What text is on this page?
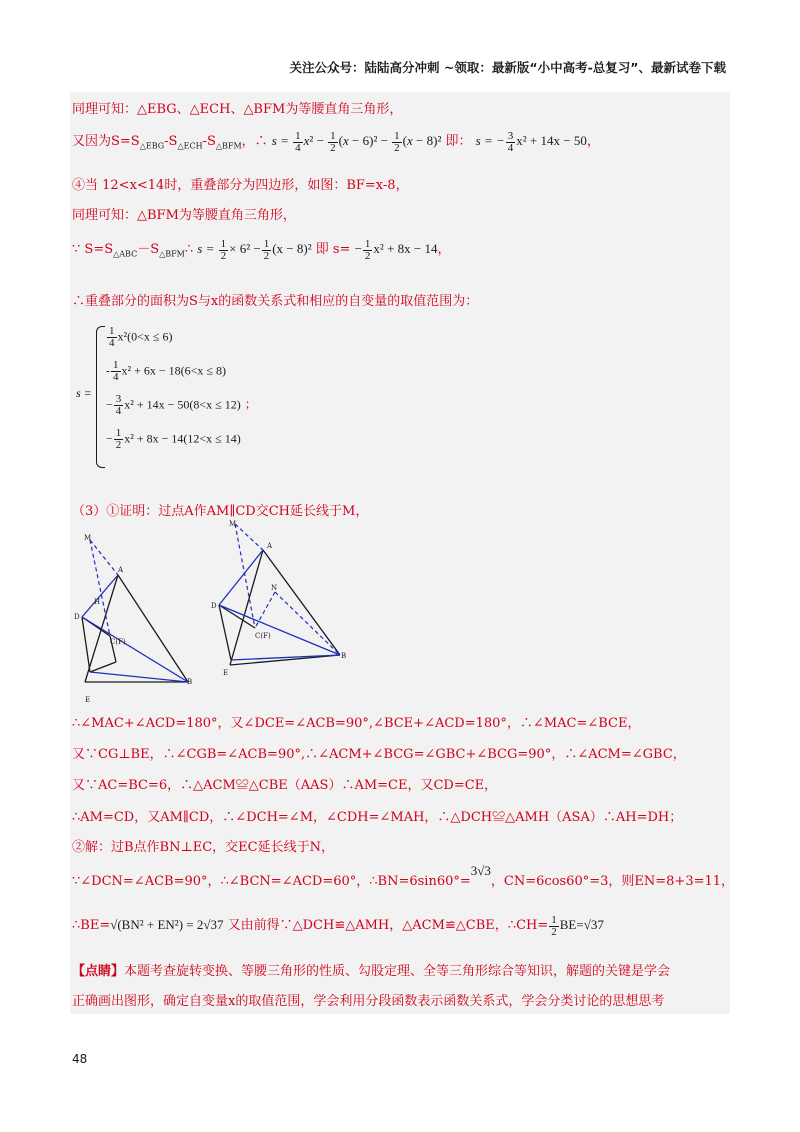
关注公众号：陆陆高分冲刺 ~领取：最新版“小中高考-总复习”、最新试卷下载
同理可知：△EBG、△ECH、△BFM为等腰直角三角形，
又因为$S=S_{\triangle EBG}-S_{\triangle ECH}-S_{\triangle BFM}$，∴ $s = \frac{1}{4} x^2 - \frac{1}{2} (x - 6)^2 - \frac{1}{2} (x - 8)^2$ 即： s = − $\frac{3}{4} x^2 + 14x - 50$，
④当 12<x<14时，重叠部分为四边形，如图：BF=x-8，
同理可知：△BFM为等腰直角三角形，
∵ $S=S_{\triangle ABC}-S_{\triangle BFM}\therefore$ $s = \frac{1}{2} \times 6^2 - \frac{1}{2} (x - 8)^2$ 即 $s= - \frac{1}{2} x^2 + 8x - 14$，
∴重叠部分的面积为S与x的函数关系式和相应的自变量的取值范围为：
s =
$\frac{1}{4} x^2(0<x \le 6)$
- $\frac{1}{4} x^2 + 6x - 18(6<x \le 8)$
− $\frac{3}{4} x^2 + 14x - 50(8<x \le 12)$ ；
− $\frac{1}{2} x^2 + 8x - 14(12<x \le 14)$
（3）①证明：过点A作AM∥CD交CH延长线于M，
M
A
H
D
C(F)
B
E
M
A
N
D
C(F)
B
E
∴∠MAC+∠ACD=180°，又∠DCE=∠ACB=90°,∠BCE+∠ACD=180°，∴∠MAC=∠BCE，
又∵CG⊥BE，∴∠CGB=∠ACB=90°,∴∠ACM+∠BCG=∠GBC+∠BCG=90°，∴∠ACM=∠GBC，
又∵AC=BC=6，∴△ACM≌△CBE（AAS）∴AM=CE，又CD=CE，
∴AM=CD，又AM∥CD，∴∠DCH=∠M，∠CDH=∠MAH，∴△DCH≌△AMH（ASA）∴AH=DH；
②解：过B点作BN⊥EC，交EC延长线于N，
∵∠DCN=∠ACB=90°，∴∠BCN=∠ACD=60°，∴BN=6sin60°=3√3，CN=6cos60°=3，则EN=8+3=11，
∴BE=√(BN² + EN²) = 2√37 又由前得∵△DCH≌△AMH，△ACM≌△CBE，∴CH= $\frac{1}{2} BE=√37$
【点睛】本题考查旋转变换、等腰三角形的性质、勾股定理、全等三角形综合等知识，解题的关键是学会
正确画出图形，确定自变量x的取值范围，学会利用分段函数表示函数关系式，学会分类讨论的思想思考
48
